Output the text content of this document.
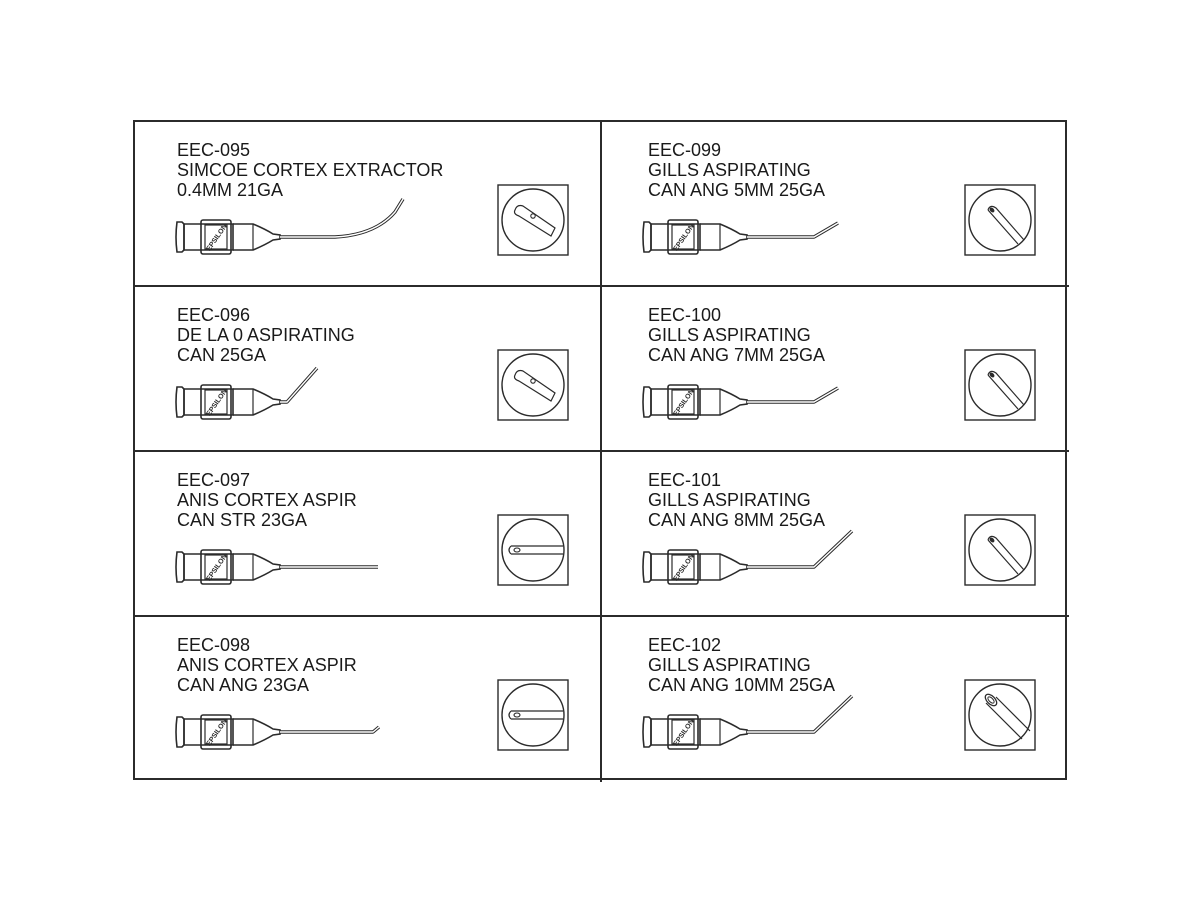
EEC-095
SIMCOE CORTEX EXTRACTOR
0.4MM 21GA
EPSILON
EEC-099
GILLS ASPIRATING
CAN ANG 5MM 25GA
EPSILON
EEC-096
DE LA 0 ASPIRATING
CAN 25GA
EPSILON
EEC-100
GILLS ASPIRATING
CAN ANG 7MM 25GA
EPSILON
EEC-097
ANIS CORTEX ASPIR
CAN STR 23GA
EPSILON
EEC-101
GILLS ASPIRATING
CAN ANG 8MM 25GA
EPSILON
EEC-098
ANIS CORTEX ASPIR
CAN ANG 23GA
EPSILON
EEC-102
GILLS ASPIRATING
CAN ANG 10MM 25GA
EPSILON
